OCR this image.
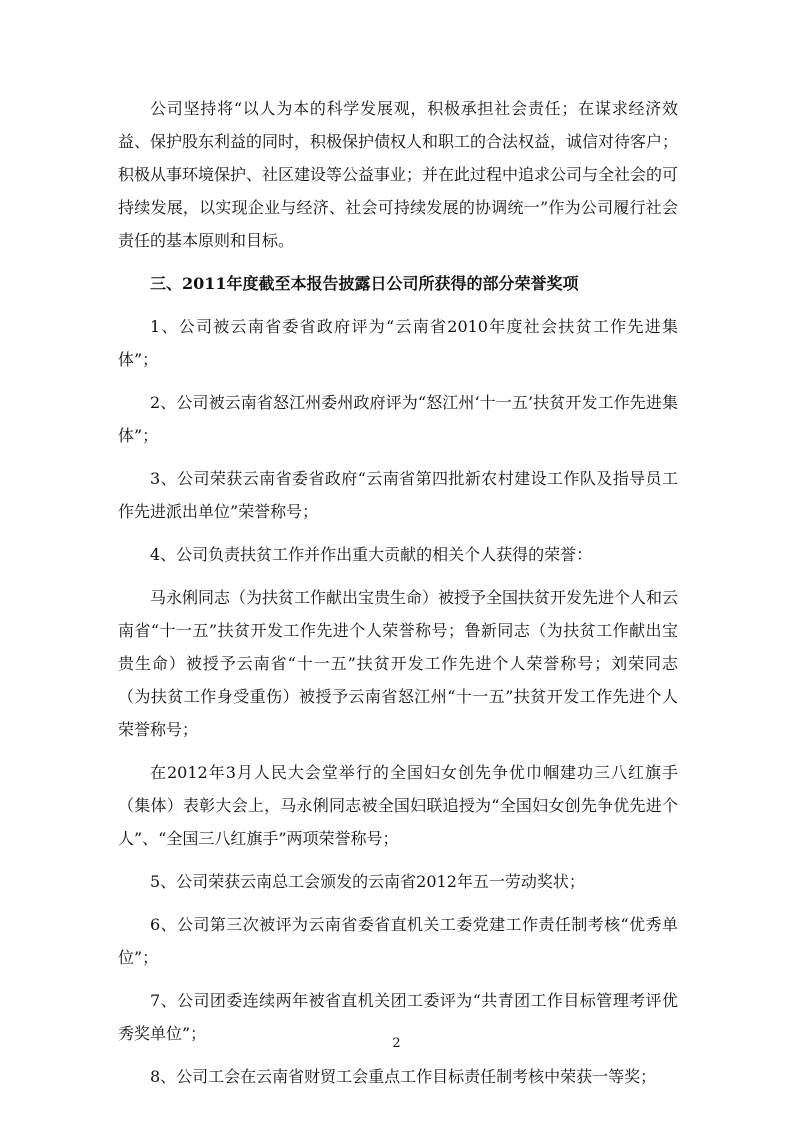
公司坚持将“以人为本的科学发展观，积极承担社会责任；在谋求经济效益、保护股东利益的同时，积极保护债权人和职工的合法权益，诚信对待客户；积极从事环境保护、社区建设等公益事业；并在此过程中追求公司与全社会的可持续发展，以实现企业与经济、社会可持续发展的协调统一”作为公司履行社会责任的基本原则和目标。

三、2011年度截至本报告披露日公司所获得的部分荣誉奖项

1、公司被云南省委省政府评为“云南省2010年度社会扶贫工作先进集体”；

2、公司被云南省怒江州委州政府评为“怒江州‘十一五’扶贫开发工作先进集体”；

3、公司荣获云南省委省政府“云南省第四批新农村建设工作队及指导员工作先进派出单位”荣誉称号；

4、公司负责扶贫工作并作出重大贡献的相关个人获得的荣誉：

马永俐同志（为扶贫工作献出宝贵生命）被授予全国扶贫开发先进个人和云南省“十一五”扶贫开发工作先进个人荣誉称号；鲁新同志（为扶贫工作献出宝贵生命）被授予云南省“十一五”扶贫开发工作先进个人荣誉称号；刘荣同志（为扶贫工作身受重伤）被授予云南省怒江州“十一五”扶贫开发工作先进个人荣誉称号；

在2012年3月人民大会堂举行的全国妇女创先争优巾帼建功三八红旗手（集体）表彰大会上，马永俐同志被全国妇联追授为“全国妇女创先争优先进个人”、“全国三八红旗手”两项荣誉称号；

5、公司荣获云南总工会颁发的云南省2012年五一劳动奖状；

6、公司第三次被评为云南省委省直机关工委党建工作责任制考核“优秀单位”；

7、公司团委连续两年被省直机关团工委评为“共青团工作目标管理考评优秀奖单位”；

8、公司工会在云南省财贸工会重点工作目标责任制考核中荣获一等奖；

2
